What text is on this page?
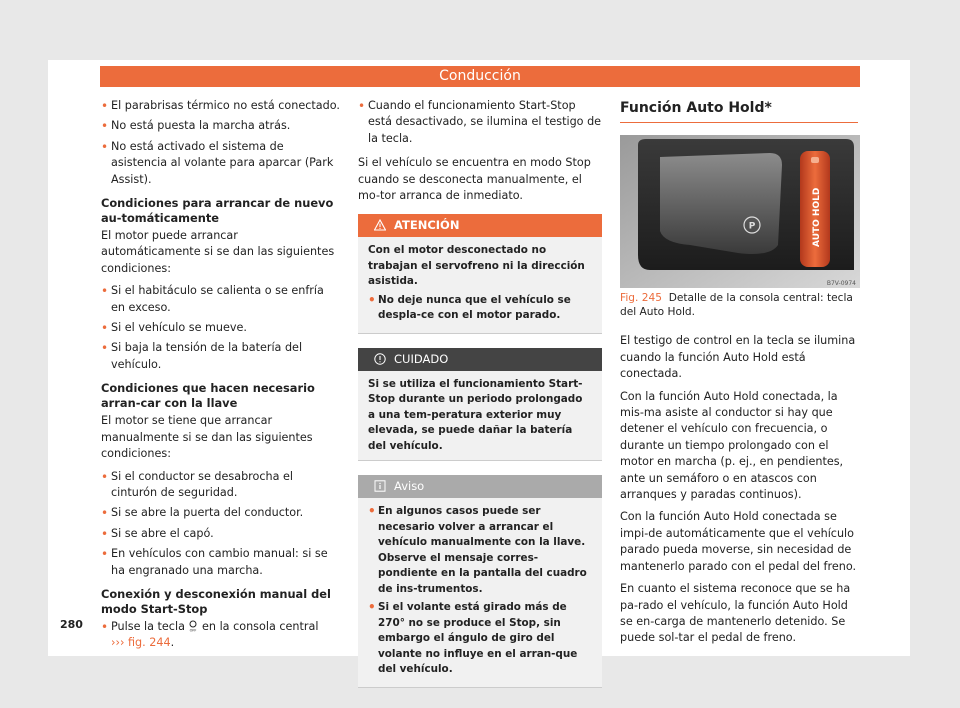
Conducción
• El parabrisas térmico no está conectado.
• No está puesta la marcha atrás.
• No está activado el sistema de asistencia al volante para aparcar (Park Assist).
Condiciones para arrancar de nuevo au-tomáticamente

El motor puede arrancar automáticamente si se dan las siguientes condiciones:

• Si el habitáculo se calienta o se enfría en exceso.
• Si el vehículo se mueve.
• Si baja la tensión de la batería del vehículo.
Condiciones que hacen necesario arran-car con la llave

El motor se tiene que arrancar manualmente si se dan las siguientes condiciones:

• Si el conductor se desabrocha el cinturón de seguridad.
• Si se abre la puerta del conductor.
• Si se abre el capó.
• En vehículos con cambio manual: si se ha engranado una marcha.
Conexión y desconexión manual del modo Start-Stop
• Pulse la tecla OFF en la consola central
››› fig. 244.
• Cuando el funcionamiento Start-Stop está desactivado, se ilumina el testigo de la tecla.

Si el vehículo se encuentra en modo Stop cuando se desconecta manualmente, el mo-tor arranca de inmediato.

ATENCIÓN

Con el motor desconectado no trabajan el servofreno ni la dirección asistida.

• No deje nunca que el vehículo se despla-ce con el motor parado.
CUIDADO

Si se utiliza el funcionamiento Start-Stop durante un periodo prolongado a una tem-peratura exterior muy elevada, se puede dañar la batería del vehículo.

Aviso
• En algunos casos puede ser necesario volver a arrancar el vehículo manualmente con la llave. Observe el mensaje corres-pondiente en la pantalla del cuadro de ins-trumentos.
• Si el volante está girado más de 270° no se produce el Stop, sin embargo el ángulo de giro del volante no influye en el arran-que del vehículo.
Función Auto Hold*
P	AUTO HOLD
B7V-0974
Fig. 245 Detalle de la consola central: tecla del Auto Hold.

El testigo de control en la tecla se ilumina cuando la función Auto Hold está conectada.

Con la función Auto Hold conectada, la mis-ma asiste al conductor si hay que detener el vehículo con frecuencia, o durante un tiempo prolongado con el motor en marcha (p. ej., en pendientes, ante un semáforo o en atascos con arranques y paradas continuos).

Con la función Auto Hold conectada se impi-de automáticamente que el vehículo parado pueda moverse, sin necesidad de mantenerlo parado con el pedal del freno.

En cuanto el sistema reconoce que se ha pa-rado el vehículo, la función Auto Hold se en-carga de mantenerlo detenido. Se puede sol-tar el pedal de freno.

280
